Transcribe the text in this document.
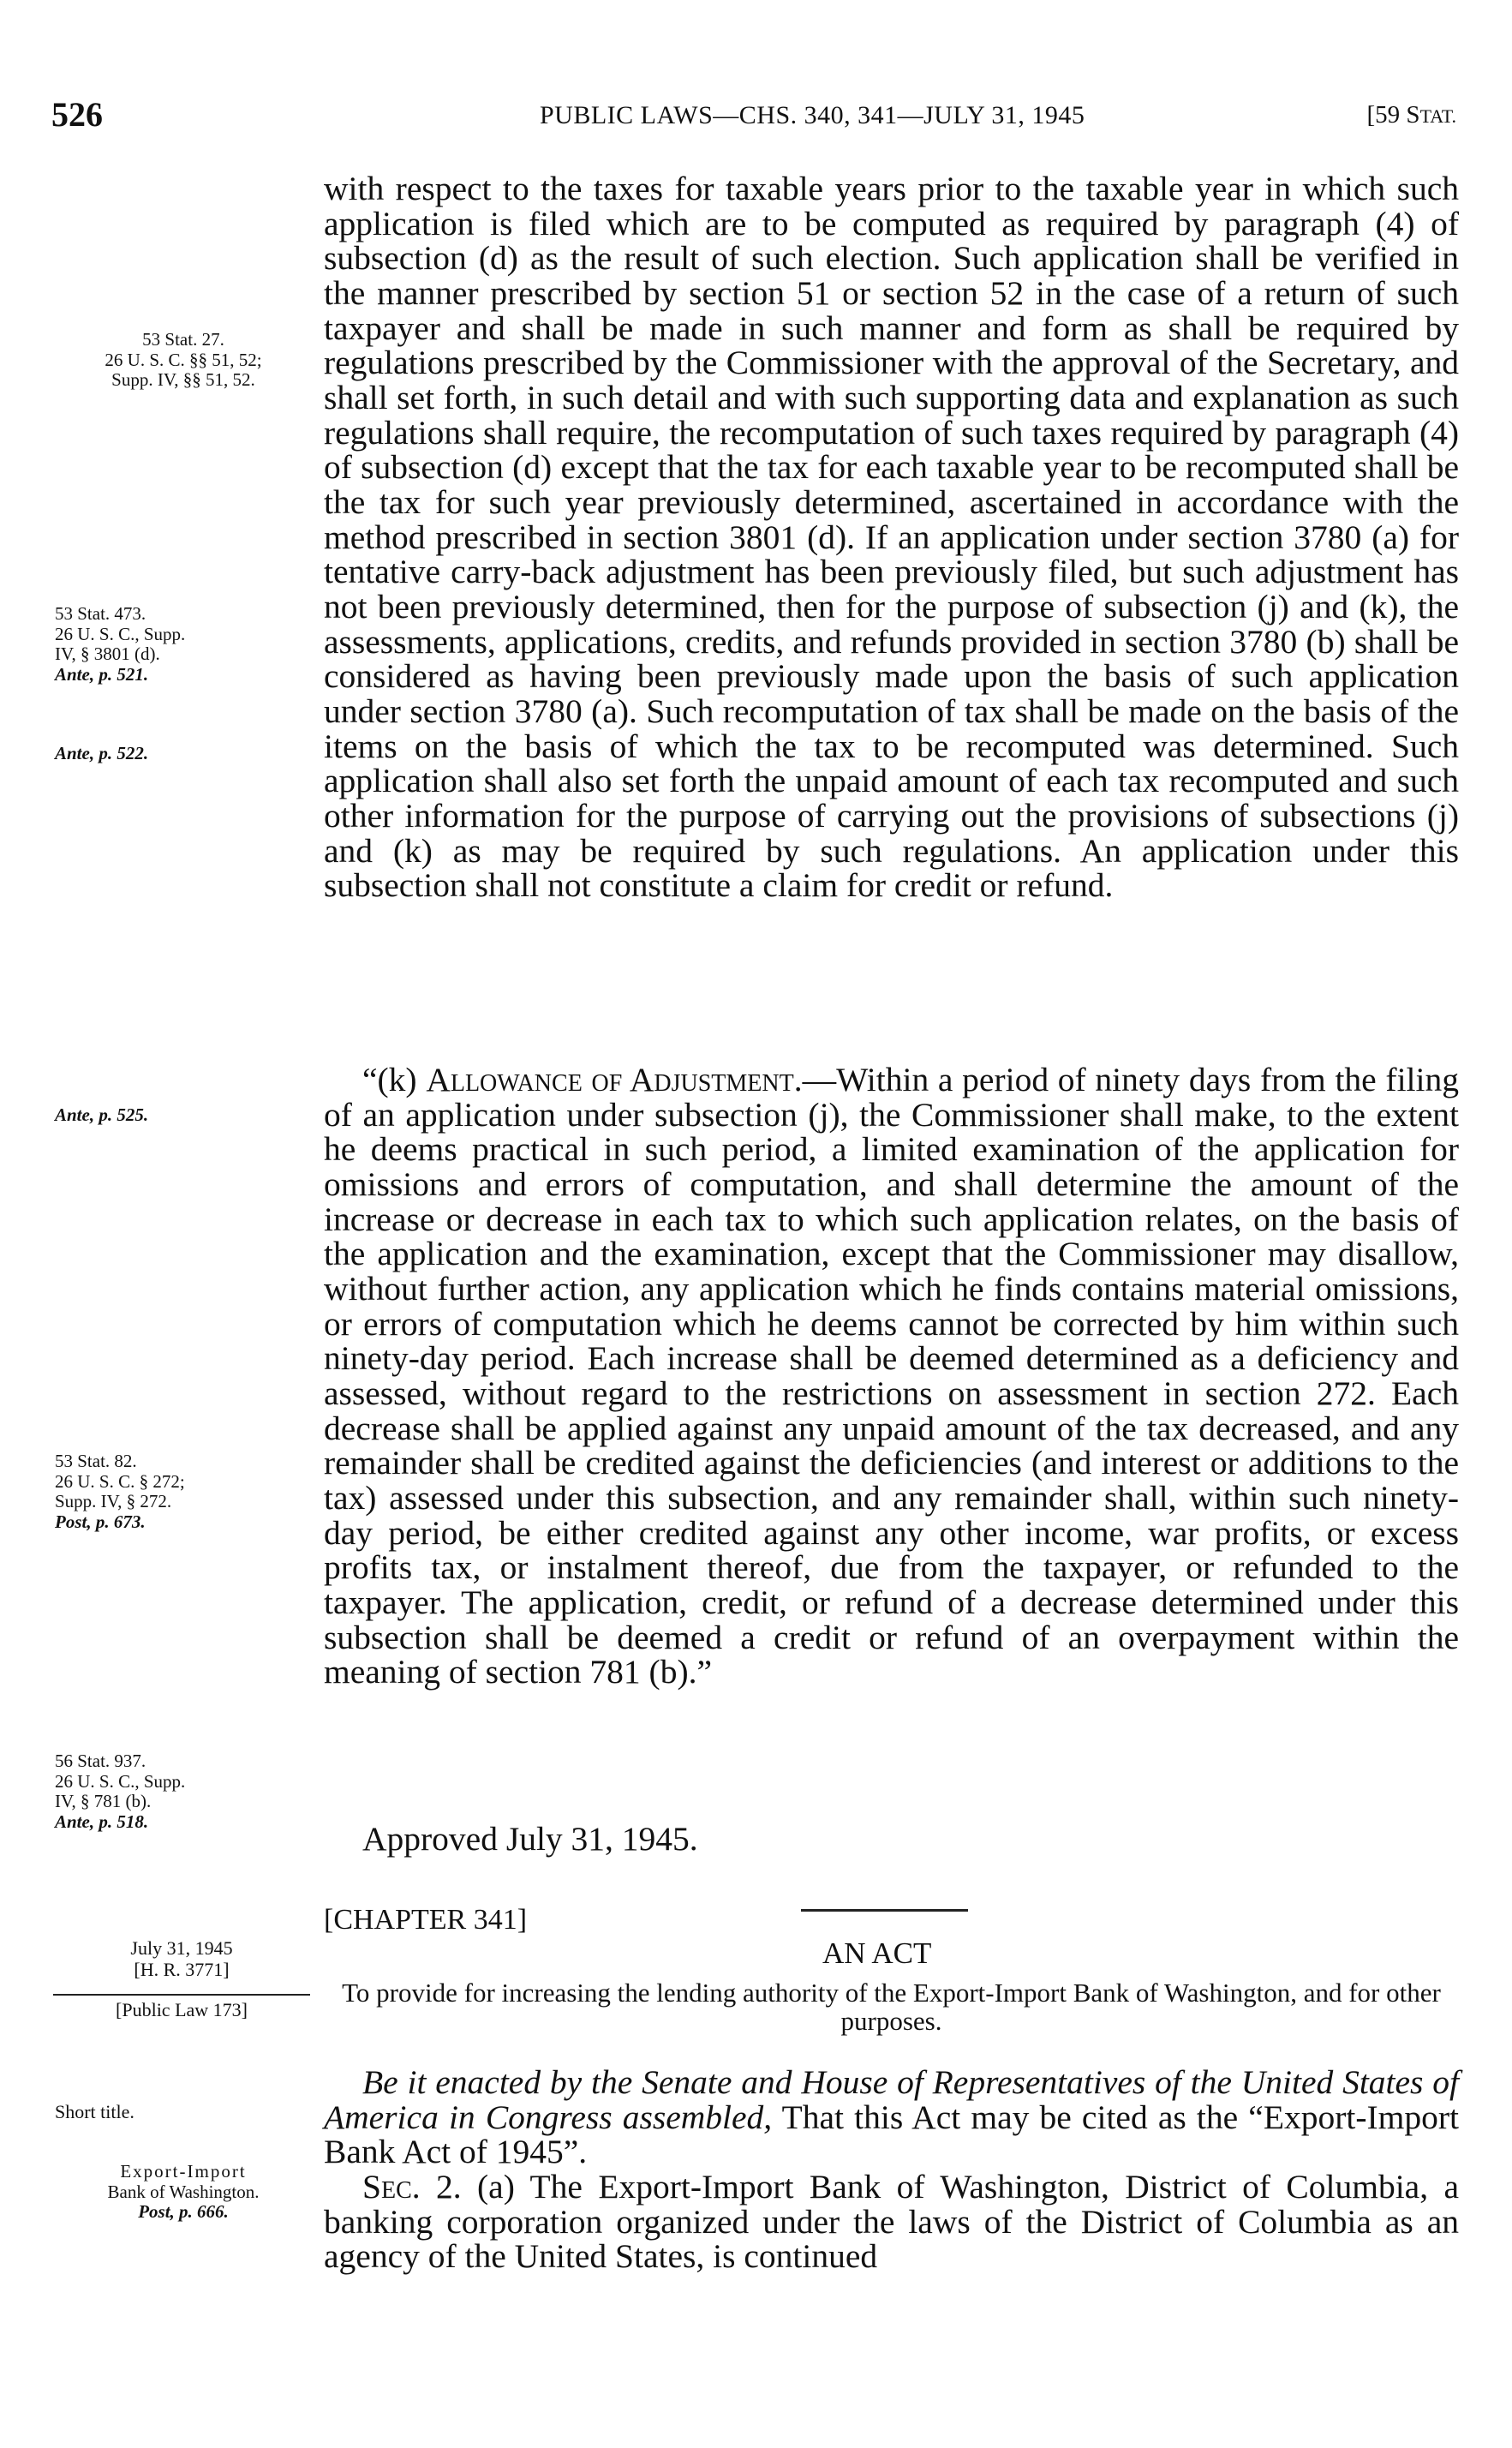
526	PUBLIC LAWS—CHS. 340, 341—JULY 31, 1945	[59 STAT.

with respect to the taxes for taxable years prior to the taxable year in which such application is filed which are to be computed as required by paragraph (4) of subsection (d) as the result of such election. Such application shall be verified in the manner prescribed by section 51 or section 52 in the case of a return of such taxpayer and shall be made in such manner and form as shall be required by regulations prescribed by the Commissioner with the approval of the Secretary, and shall set forth, in such detail and with such supporting data and explanation as such regulations shall require, the recomputation of such taxes required by paragraph (4) of subsection (d) except that the tax for each taxable year to be recomputed shall be the tax for such year previously determined, ascertained in accordance with the method prescribed in section 3801 (d). If an application under section 3780 (a) for tentative carry-back adjustment has been previously filed, but such adjustment has not been previously determined, then for the purpose of subsection (j) and (k), the assessments, applications, credits, and refunds provided in section 3780 (b) shall be considered as having been previously made upon the basis of such application under section 3780 (a). Such recomputation of tax shall be made on the basis of the items on the basis of which the tax to be recomputed was determined. Such application shall also set forth the unpaid amount of each tax recomputed and such other information for the purpose of carrying out the provisions of subsections (j) and (k) as may be required by such regulations. An application under this subsection shall not constitute a claim for credit or refund.

“(k) Allowance of Adjustment.—Within a period of ninety days from the filing of an application under subsection (j), the Commissioner shall make, to the extent he deems practical in such period, a limited examination of the application for omissions and errors of computation, and shall determine the amount of the increase or decrease in each tax to which such application relates, on the basis of the application and the examination, except that the Commissioner may disallow, without further action, any application which he finds contains material omissions, or errors of computation which he deems cannot be corrected by him within such ninety-day period. Each increase shall be deemed determined as a deficiency and assessed, without regard to the restrictions on assessment in section 272. Each decrease shall be applied against any unpaid amount of the tax decreased, and any remainder shall be credited against the deficiencies (and interest or additions to the tax) assessed under this subsection, and any remainder shall, within such ninety-day period, be either credited against any other income, war profits, or excess profits tax, or instalment thereof, due from the taxpayer, or refunded to the taxpayer. The application, credit, or refund of a decrease determined under this subsection shall be deemed a credit or refund of an overpayment within the meaning of section 781 (b).”

Approved July 31, 1945.
[CHAPTER 341]
AN ACT

To provide for increasing the lending authority of the Export-Import Bank of Washington, and for other purposes.

Be it enacted by the Senate and House of Representatives of the United States of America in Congress assembled, That this Act may be cited as the “Export-Import Bank Act of 1945”.
Sec. 2. (a) The Export-Import Bank of Washington, District of Columbia, a banking corporation organized under the laws of the District of Columbia as an agency of the United States, is continued

53 Stat. 27.
26 U. S. C. §§ 51, 52;
Supp. IV, §§ 51, 52.
53 Stat. 473.
26 U. S. C., Supp.
IV, § 3801 (d).
Ante, p. 521.
Ante, p. 522.
Ante, p. 525.
53 Stat. 82.
26 U. S. C. § 272;
Supp. IV, § 272.
Post, p. 673.
56 Stat. 937.
26 U. S. C., Supp.
IV, § 781 (b).
Ante, p. 518.
July 31, 1945
[H. R. 3771]
[Public Law 173]
Short title.
Export-Import
Bank of Washington.
Post, p. 666.
